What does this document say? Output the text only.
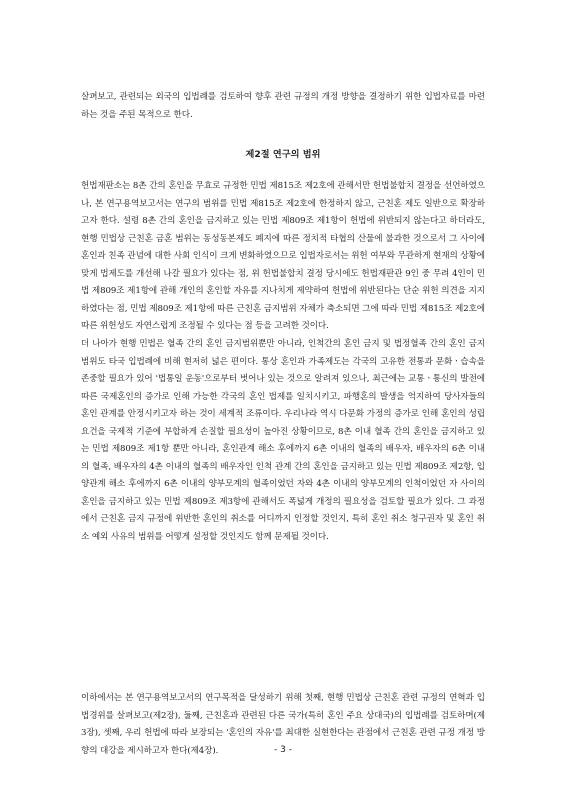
살펴보고, 관련되는 외국의 입법례를 검토하여 향후 관련 규정의 개정 방향을 결정하기 위한 입법자료를 마련하는 것을 주된 목적으로 한다.

제2절 연구의 범위

헌법재판소는 8촌 간의 혼인을 무효로 규정한 민법 제815조 제2호에 관해서만 헌법불합치 결정을 선언하였으나, 본 연구용역보고서는 연구의 범위를 민법 제815조 제2호에 한정하지 않고, 근친혼 제도 일반으로 확장하고자 한다. 설령 8촌 간의 혼인을 금지하고 있는 민법 제809조 제1항이 헌법에 위반되지 않는다고 하더라도, 현행 민법상 근친혼 금혼 범위는 동성동본제도 폐지에 따른 정치적 타협의 산물에 불과한 것으로서 그 사이에 혼인과 친족 관념에 대한 사회 인식이 크게 변화하였으므로 입법자로서는 위헌 여부와 무관하게 현재의 상황에 맞게 법제도를 개선해 나갈 필요가 있다는 점, 위 헌법불합치 결정 당시에도 헌법재판관 9인 중 무려 4인이 민법 제809조 제1항에 관해 개인의 혼인할 자유를 지나치게 제약하여 헌법에 위반된다는 단순 위헌 의견을 지지하였다는 점, 민법 제809조 제1항에 따른 근친혼 금지범위 자체가 축소되면 그에 따라 민법 제815조 제2호에 따른 위헌성도 자연스럽게 조정될 수 있다는 점 등을 고려한 것이다.

더 나아가 현행 민법은 혈족 간의 혼인 금지범위뿐만 아니라, 인척간의 혼인 금지 및 법정혈족 간의 혼인 금지범위도 타국 입법례에 비해 현저히 넓은 편이다. 통상 혼인과 가족제도는 각국의 고유한 전통과 문화ㆍ습속을 존중할 필요가 있어 '법통일 운동'으로부터 벗어나 있는 것으로 알려져 있으나, 최근에는 교통ㆍ통신의 발전에 따른 국제혼인의 증가로 인해 가능한 각국의 혼인 법제를 일치시키고, 파행혼의 발생을 억지하여 당사자들의 혼인 관계를 안정시키고자 하는 것이 세계적 조류이다. 우리나라 역시 다문화 가정의 증가로 인해 혼인의 성립요건을 국제적 기준에 부합하게 손질할 필요성이 높아진 상황이므로, 8촌 이내 혈족 간의 혼인을 금지하고 있는 민법 제809조 제1항 뿐만 아니라, 혼인관계 해소 후에까지 6촌 이내의 혈족의 배우자, 배우자의 6촌 이내의 혈족, 배우자의 4촌 이내의 혈족의 배우자인 인척 관계 간의 혼인을 금지하고 있는 민법 제809조 제2항, 입양관계 해소 후에까지 6촌 이내의 양부모계의 혈족이었던 자와 4촌 이내의 양부모계의 인척이었던 자 사이의 혼인을 금지하고 있는 민법 제809조 제3항에 관해서도 폭넓게 개정의 필요성을 검토할 필요가 있다. 그 과정에서 근친혼 금지 규정에 위반한 혼인의 취소를 어디까지 인정할 것인지, 특히 혼인 취소 청구권자 및 혼인 취소 예외 사유의 범위를 어떻게 설정할 것인지도 함께 문제될 것이다.

이하에서는 본 연구용역보고서의 연구목적을 달성하기 위해 첫째, 현행 민법상 근친혼 관련 규정의 연혁과 입법경위를 살펴보고(제2장), 둘째, 근친혼과 관련된 다른 국가(특히 혼인 주요 상대국)의 입법례를 검토하며(제3장), 셋째, 우리 헌법에 따라 보장되는 '혼인의 자유'를 최대한 실현한다는 관점에서 근친혼 관련 규정 개정 방향의 대강을 제시하고자 한다(제4장).	- 3 -
